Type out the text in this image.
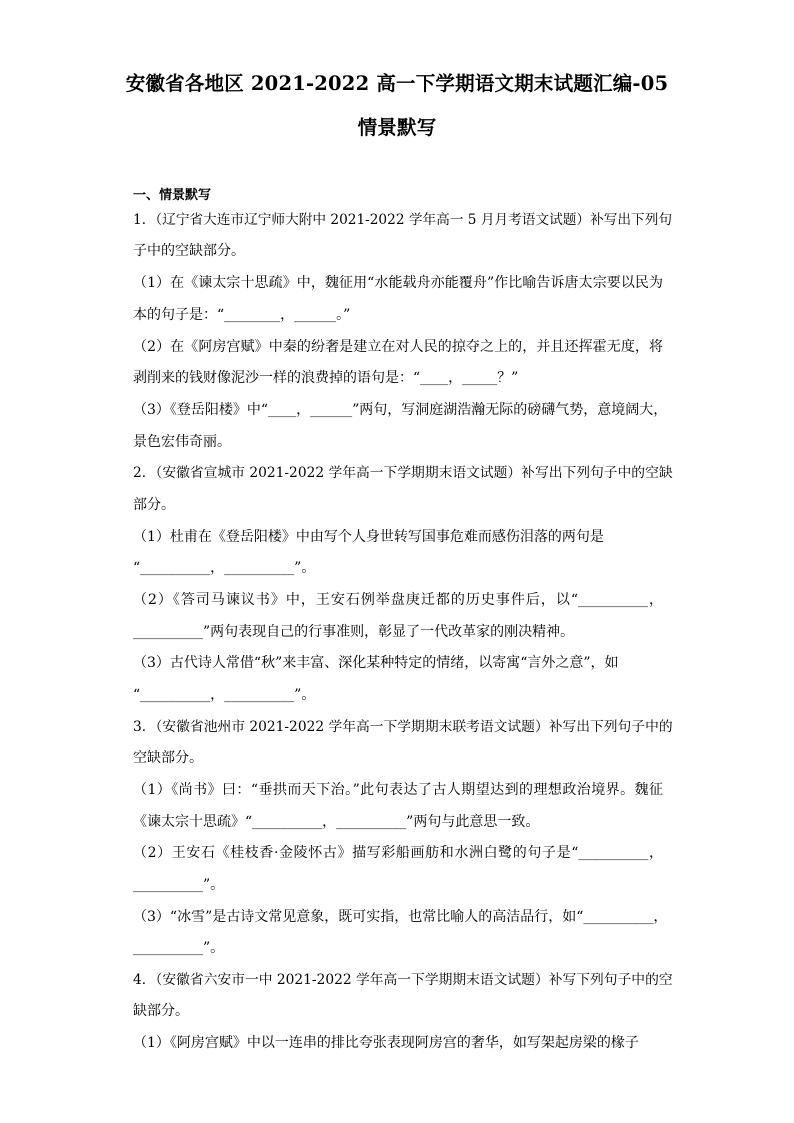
安徽省各地区 2021-2022 高一下学期语文期末试题汇编-05
情景默写
一、情景默写
1．（辽宁省大连市辽宁师大附中 2021-2022 学年高一 5 月月考语文试题）补写出下列句
子中的空缺部分。
（1）在《谏太宗十思疏》中，魏征用“水能载舟亦能覆舟”作比喻告诉唐太宗要以民为
本的句子是：“________，______。”
（2）在《阿房宫赋》中秦的纷奢是建立在对人民的掠夺之上的，并且还挥霍无度，将
剥削来的钱财像泥沙一样的浪费掉的语句是：“____，_____？”
（3）《登岳阳楼》中“____，______”两句，写洞庭湖浩瀚无际的磅礴气势，意境阔大，
景色宏伟奇丽。
2．（安徽省宣城市 2021-2022 学年高一下学期期末语文试题）补写出下列句子中的空缺
部分。
（1）杜甫在《登岳阳楼》中由写个人身世转写国事危难而感伤泪落的两句是
“__________，__________”。
（2）《答司马谏议书》中，王安石例举盘庚迁都的历史事件后，以“__________，
__________”两句表现自己的行事准则，彰显了一代改革家的刚决精神。
（3）古代诗人常借“秋”来丰富、深化某种特定的情绪，以寄寓“言外之意”，如
“__________，__________”。
3．（安徽省池州市 2021-2022 学年高一下学期期末联考语文试题）补写出下列句子中的
空缺部分。
（1）《尚书》曰：“垂拱而天下治。”此句表达了古人期望达到的理想政治境界。魏征
《谏太宗十思疏》“__________，__________”两句与此意思一致。
（2）王安石《桂枝香·金陵怀古》描写彩船画舫和水洲白鹭的句子是“__________，
__________”。
（3）“冰雪”是古诗文常见意象，既可实指，也常比喻人的高洁品行，如“__________，
__________”。
4．（安徽省六安市一中 2021-2022 学年高一下学期期末语文试题）补写下列句子中的空
缺部分。
（1）《阿房宫赋》中以一连串的排比夸张表现阿房宫的奢华，如写架起房梁的椽子
